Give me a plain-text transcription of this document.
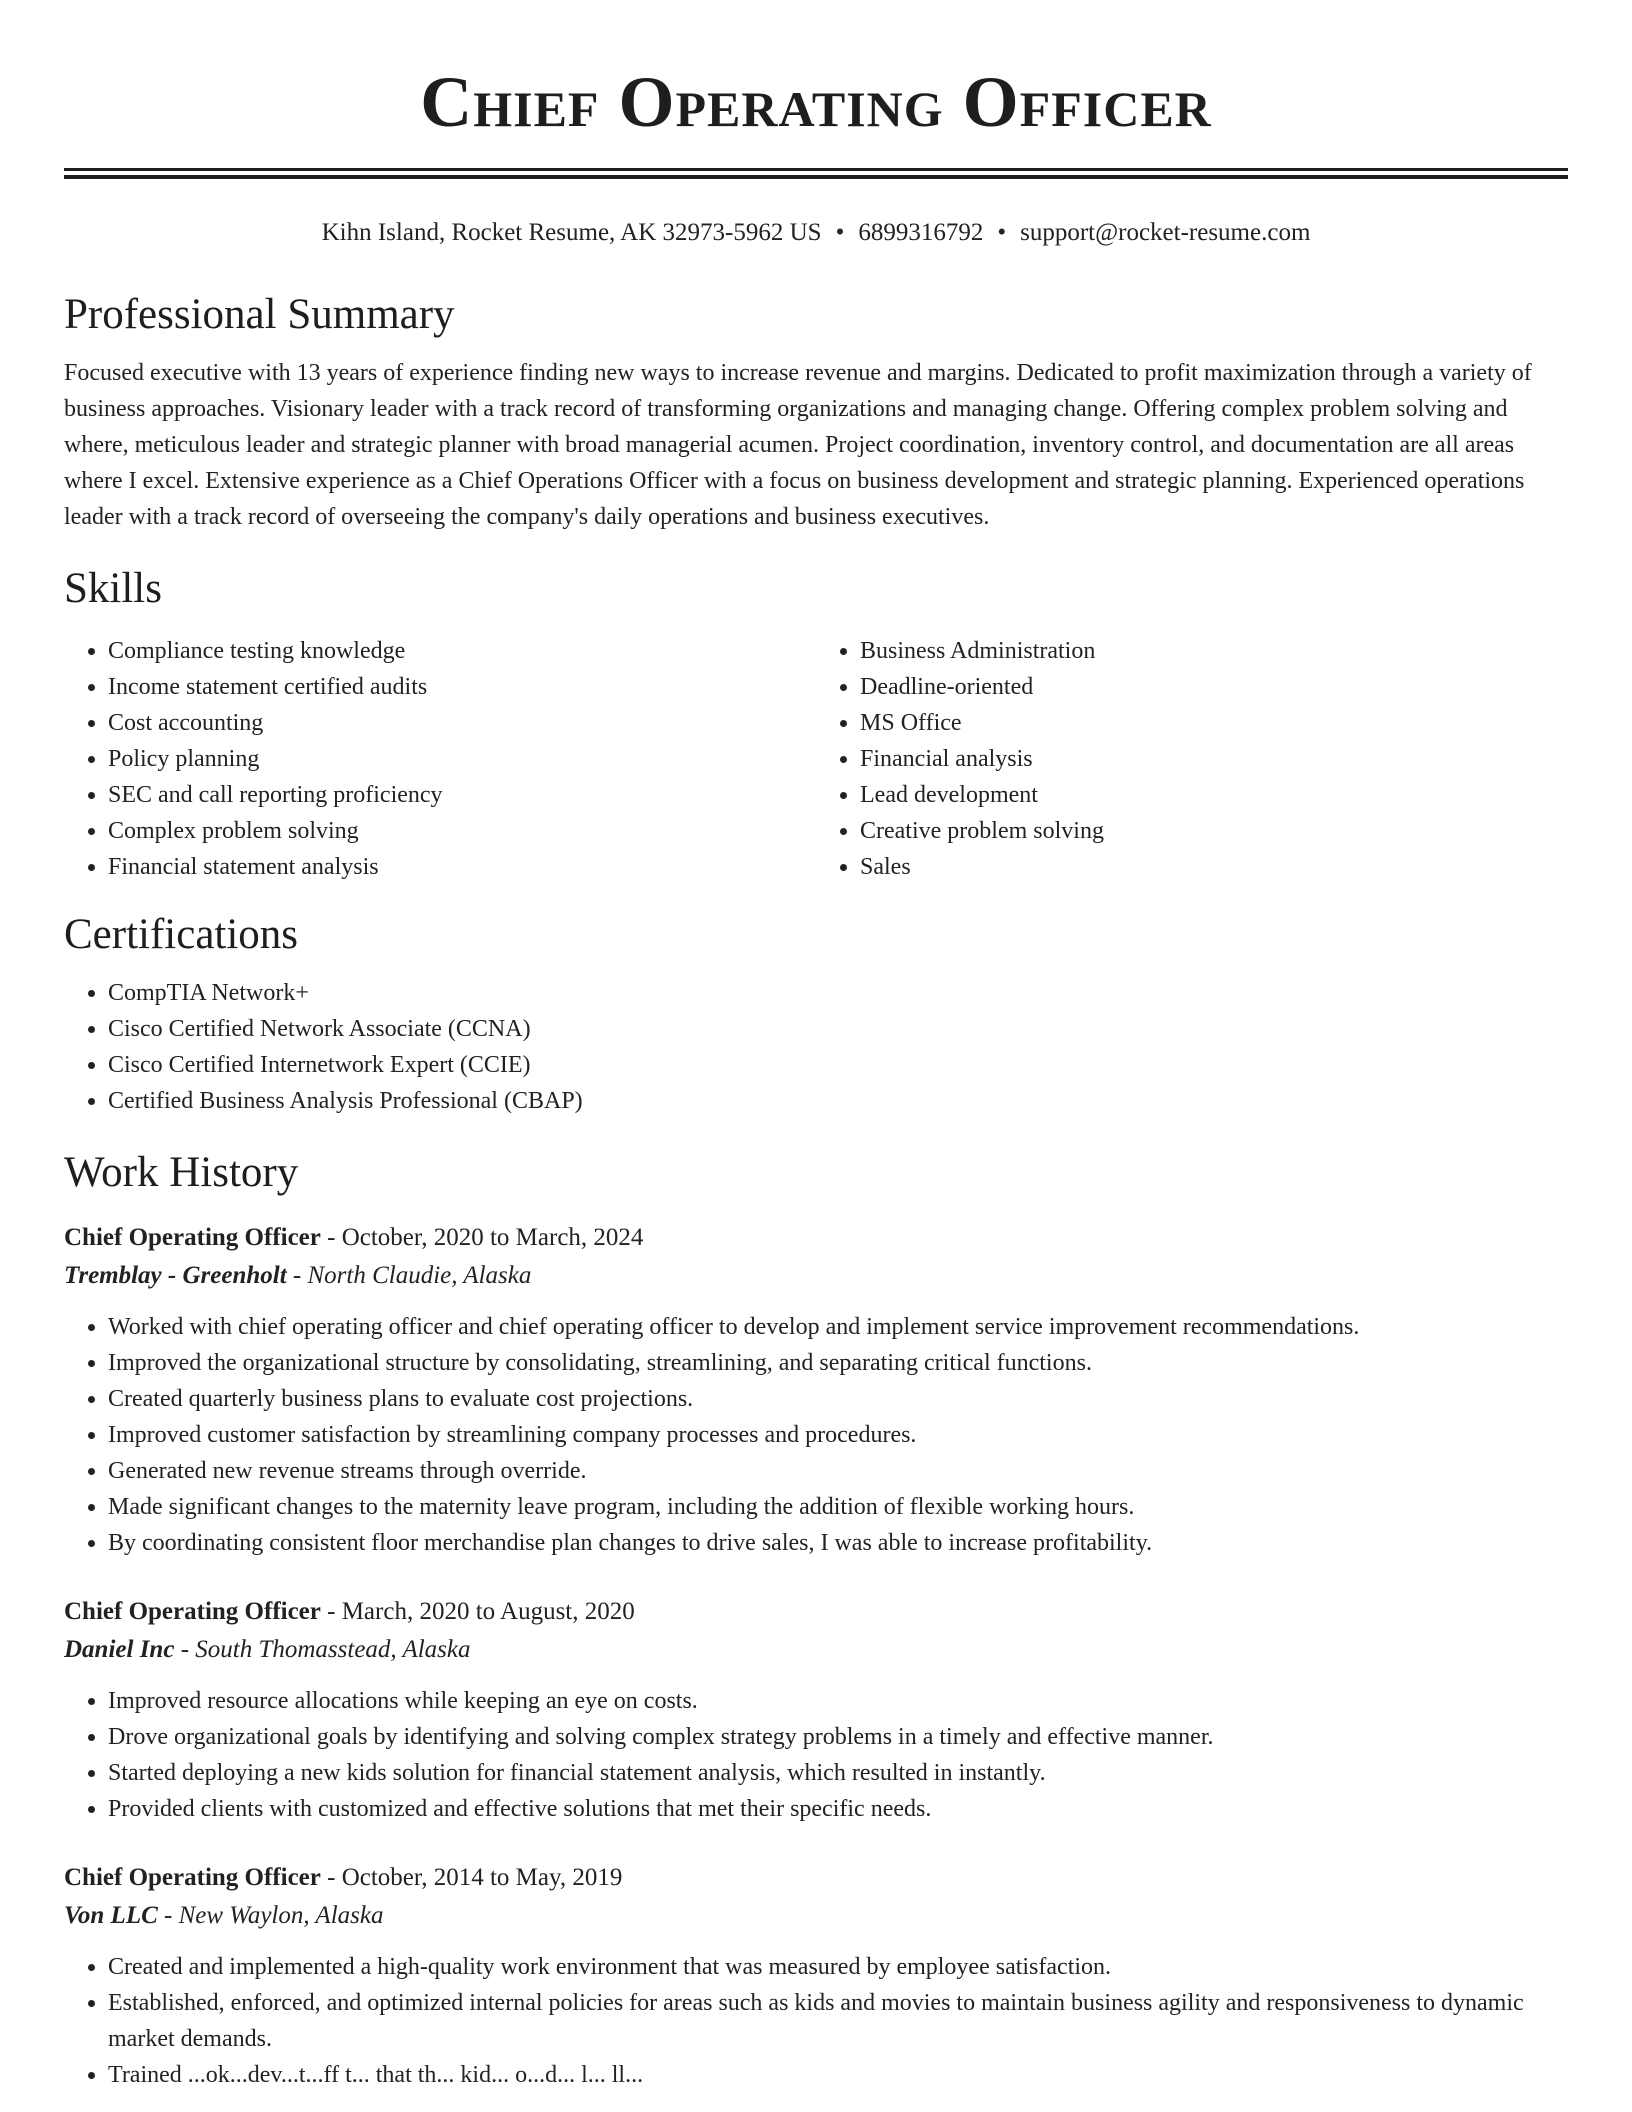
Chief Operating Officer
Kihn Island, Rocket Resume, AK 32973-5962 US • 6899316792 • support@rocket-resume.com
Professional Summary

Focused executive with 13 years of experience finding new ways to increase revenue and margins. Dedicated to profit maximization through a variety of business approaches. Visionary leader with a track record of transforming organizations and managing change. Offering complex problem solving and where, meticulous leader and strategic planner with broad managerial acumen. Project coordination, inventory control, and documentation are all areas where I excel. Extensive experience as a Chief Operations Officer with a focus on business development and strategic planning. Experienced operations leader with a track record of overseeing the company's daily operations and business executives.

Skills
• Compliance testing knowledge
• Income statement certified audits
• Cost accounting
• Policy planning
• SEC and call reporting proficiency
• Complex problem solving
• Financial statement analysis
• Business Administration
• Deadline-oriented
• MS Office
• Financial analysis
• Lead development
• Creative problem solving
• Sales
Certifications
• CompTIA Network+
• Cisco Certified Network Associate (CCNA)
• Cisco Certified Internetwork Expert (CCIE)
• Certified Business Analysis Professional (CBAP)
Work History
Chief Operating Officer - October, 2020 to March, 2024
Tremblay - Greenholt - North Claudie, Alaska
• Worked with chief operating officer and chief operating officer to develop and implement service improvement recommendations.
• Improved the organizational structure by consolidating, streamlining, and separating critical functions.
• Created quarterly business plans to evaluate cost projections.
• Improved customer satisfaction by streamlining company processes and procedures.
• Generated new revenue streams through override.
• Made significant changes to the maternity leave program, including the addition of flexible working hours.
• By coordinating consistent floor merchandise plan changes to drive sales, I was able to increase profitability.
Chief Operating Officer - March, 2020 to August, 2020
Daniel Inc - South Thomasstead, Alaska
• Improved resource allocations while keeping an eye on costs.
• Drove organizational goals by identifying and solving complex strategy problems in a timely and effective manner.
• Started deploying a new kids solution for financial statement analysis, which resulted in instantly.
• Provided clients with customized and effective solutions that met their specific needs.
Chief Operating Officer - October, 2014 to May, 2019
Von LLC - New Waylon, Alaska
• Created and implemented a high-quality work environment that was measured by employee satisfaction.
• Established, enforced, and optimized internal policies for areas such as kids and movies to maintain business agility and responsiveness to dynamic market demands.
• Trained ...ok...dev...t...ff t... that th... kid... o...d... l... ll...
